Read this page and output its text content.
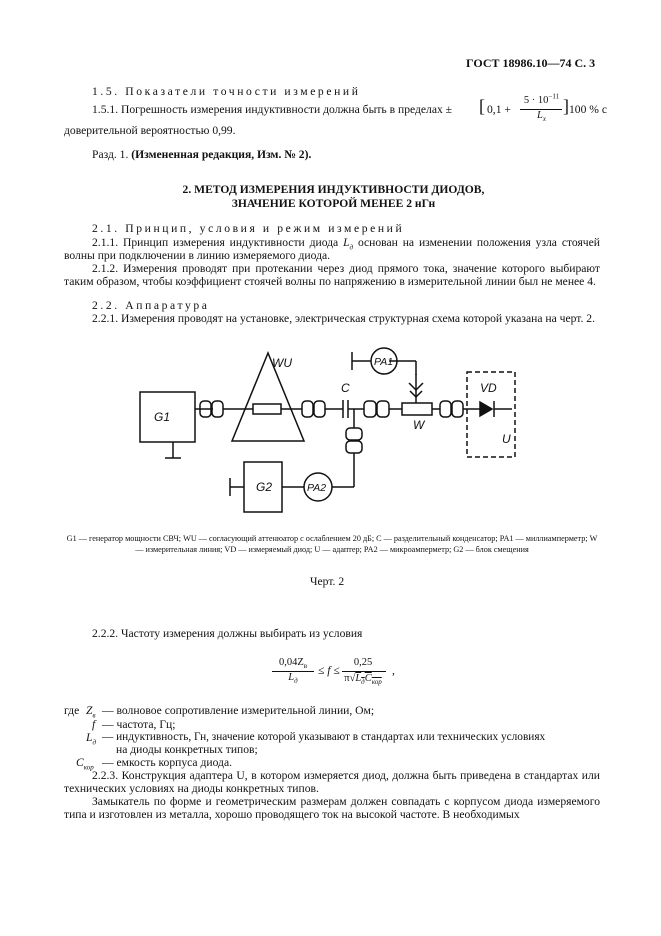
ГОСТ 18986.10—74 С. 3
1.5. Показатели точности измерений
1.5.1. Погрешность измерения индуктивности должна быть в пределах ± [ 0,1 +
$5 \cdot 10^{-11}$
$L_x$
] 100 % с
доверительной вероятностью 0,99.
Разд. 1. (Измененная редакция, Изм. № 2).
2. МЕТОД ИЗМЕРЕНИЯ ИНДУКТИВНОСТИ ДИОДОВ,
ЗНАЧЕНИЕ КОТОРОЙ МЕНЕЕ 2 нГн
2.1. Принцип, условия и режим измерений
2.1.1. Принцип измерения индуктивности диода $L_д$ основан на изменении положения узла стоячей волны при подключении в линию измеряемого диода.
2.1.2. Измерения проводят при протекании через диод прямого тока, значение которого выбирают таким образом, чтобы коэффициент стоячей волны по напряжению в измерительной линии был не менее 4.
2.2. Аппаратура
2.2.1. Измерения проводят на установке, электрическая структурная схема которой указана на черт. 2.
G1
WU
C
PA1
W
VD
U
G2	PA2
G1 — генератор мощности СВЧ; WU — согласующий аттенюатор с ослаблением 20 дБ; C — разделительный конденсатор; PA1 — миллиамперметр; W — измерительная линия; VD — измеряемый диод; U — адаптер; PA2 — микроамперметр; G2 — блок смещения
Черт. 2
2.2.2. Частоту измерения должны выбирать из условия
$0,04Z_в$
$L_д$
≤ f ≤
0,25
$\pi√L_дC_{кор}$
,
где $Z_в$ — волновое сопротивление измерительной линии, Ом;
f — частота, Гц;
$L_д$ — индуктивность, Гн, значение которой указывают в стандартах или технических условиях
на диоды конкретных типов;
$C_{кор}$ — емкость корпуса диода.
2.2.3. Конструкция адаптера U, в котором измеряется диод, должна быть приведена в стандартах или технических условиях на диоды конкретных типов.
Замыкатель по форме и геометрическим размерам должен совпадать с корпусом диода измеряемого типа и изготовлен из металла, хорошо проводящего ток на высокой частоте. В необходимых
